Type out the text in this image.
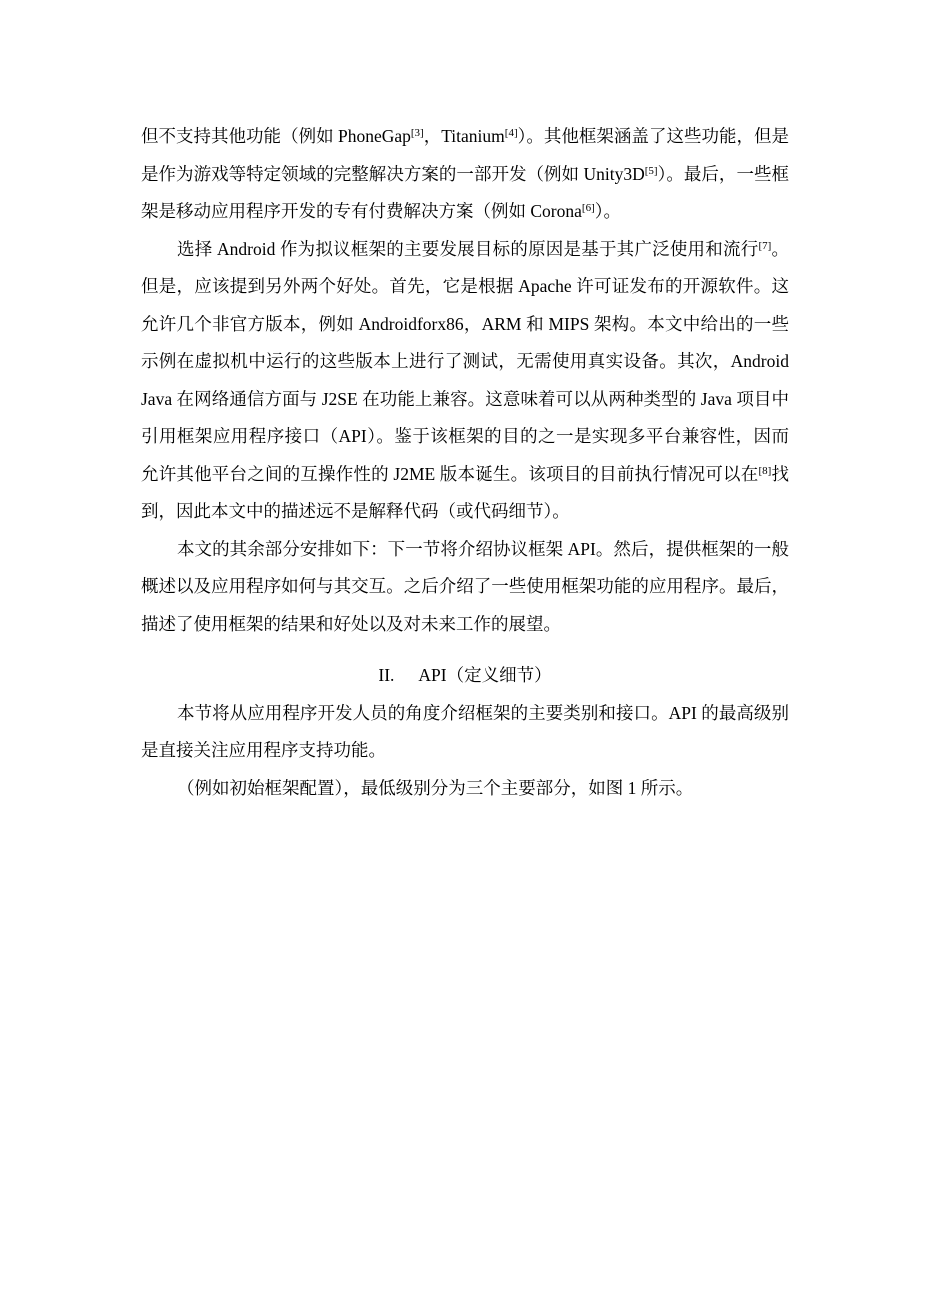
但不支持其他功能（例如 PhoneGap[3]，Titanium[4]）。其他框架涵盖了这些功能，但是是作为游戏等特定领域的完整解决方案的一部开发（例如 Unity3D[5]）。最后，一些框架是移动应用程序开发的专有付费解决方案（例如 Corona[6]）。

选择 Android 作为拟议框架的主要发展目标的原因是基于其广泛使用和流行[7]。但是，应该提到另外两个好处。首先，它是根据 Apache 许可证发布的开源软件。这允许几个非官方版本，例如 Androidforx86，ARM 和 MIPS 架构。本文中给出的一些示例在虚拟机中运行的这些版本上进行了测试，无需使用真实设备。其次，Android Java 在网络通信方面与 J2SE 在功能上兼容。这意味着可以从两种类型的 Java 项目中引用框架应用程序接口（API）。鉴于该框架的目的之一是实现多平台兼容性，因而允许其他平台之间的互操作性的 J2ME 版本诞生。该项目的目前执行情况可以在[8]找到，因此本文中的描述远不是解释代码（或代码细节）。

本文的其余部分安排如下：下一节将介绍协议框架 API。然后，提供框架的一般概述以及应用程序如何与其交互。之后介绍了一些使用框架功能的应用程序。最后，描述了使用框架的结果和好处以及对未来工作的展望。

II. API（定义细节）

本节将从应用程序开发人员的角度介绍框架的主要类别和接口。API 的最高级别是直接关注应用程序支持功能。

（例如初始框架配置），最低级别分为三个主要部分，如图 1 所示。
